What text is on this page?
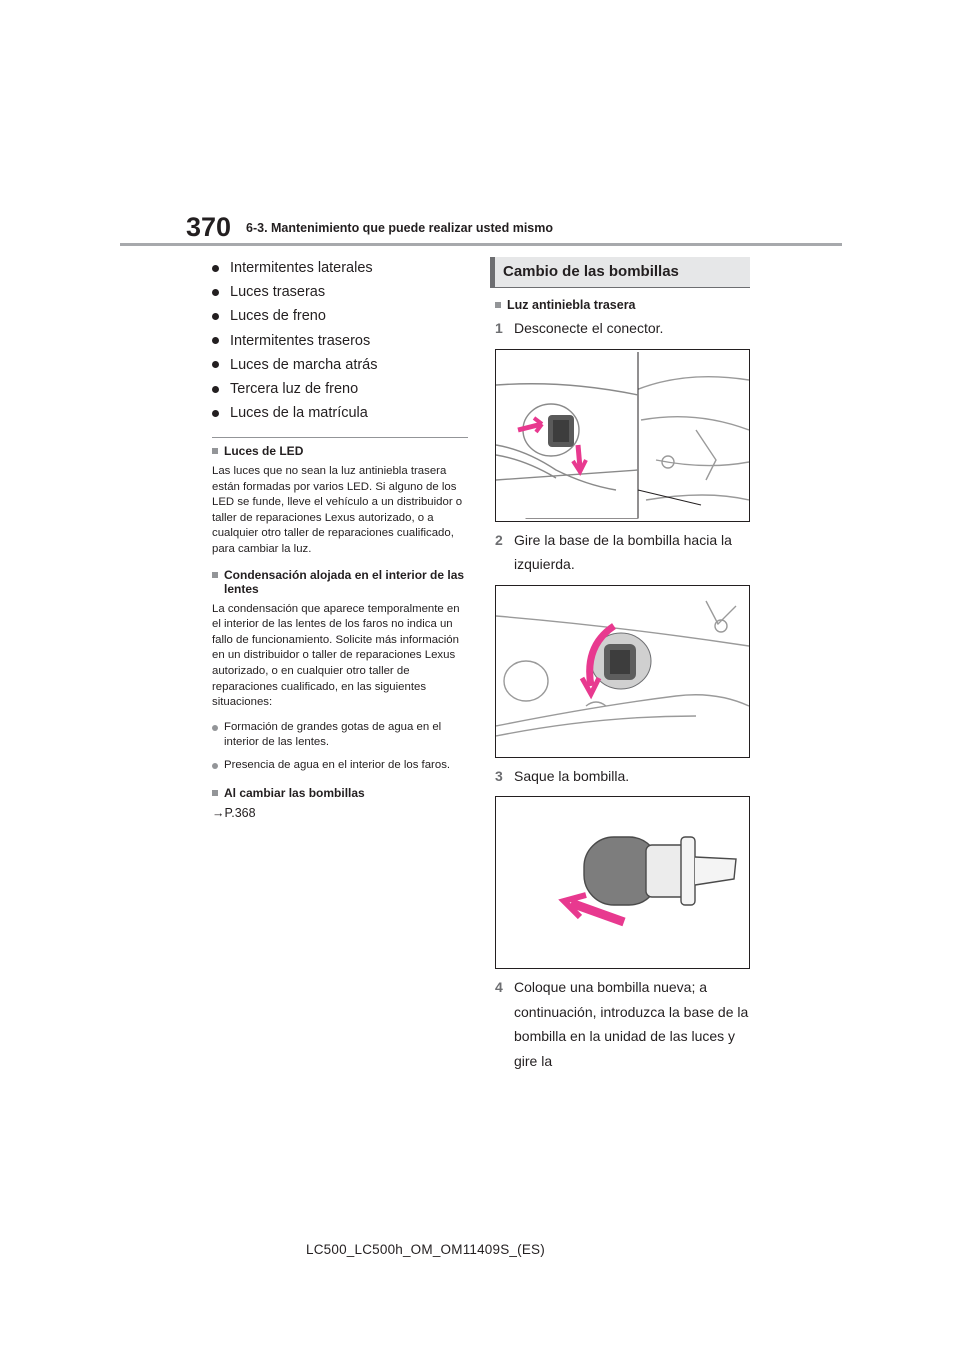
370 6-3. Mantenimiento que puede realizar usted mismo
Intermitentes laterales
Luces traseras
Luces de freno
Intermitentes traseros
Luces de marcha atrás
Tercera luz de freno
Luces de la matrícula
Luces de LED

Las luces que no sean la luz antiniebla trasera están formadas por varios LED. Si alguno de los LED se funde, lleve el vehículo a un distribuidor o taller de reparaciones Lexus autorizado, o a cualquier otro taller de reparaciones cualificado, para cambiar la luz.

Condensación alojada en el interior de las lentes

La condensación que aparece temporalmente en el interior de las lentes de los faros no indica un fallo de funcionamiento. Solicite más información en un distribuidor o taller de reparaciones Lexus autorizado, o en cualquier otro taller de reparaciones cualificado, en las siguientes situaciones:

Formación de grandes gotas de agua en el interior de las lentes.
Presencia de agua en el interior de los faros.
Al cambiar las bombillas

→P.368

Cambio de las bombillas
Luz antiniebla trasera
1 Desconecte el conector.
2 Gire la base de la bombilla hacia la izquierda.
3 Saque la bombilla.
4 Coloque una bombilla nueva; a continuación, introduzca la base de la bombilla en la unidad de las luces y gire la
LC500_LC500h_OM_OM11409S_(ES)
